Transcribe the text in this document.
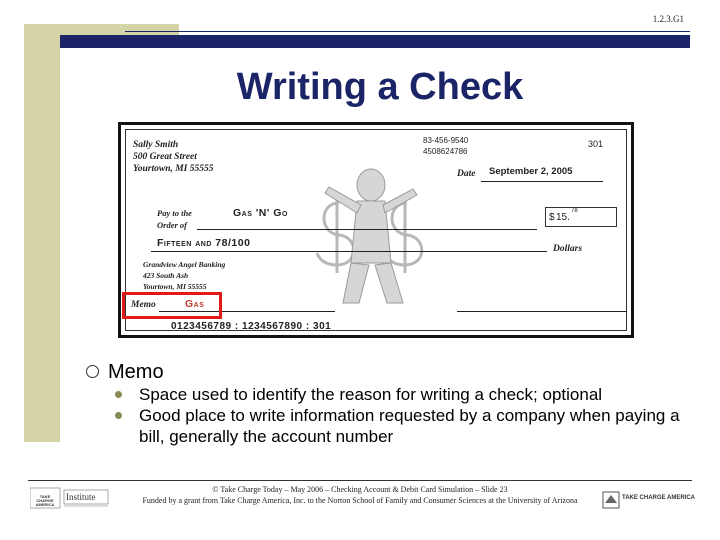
1.2.3.G1
Writing a Check
Sally Smith
500 Great Street
Yourtown, MI 55555
83-456-9540
4508624786
301
Date September 2, 2005
Pay to the
Order of
Gas 'N' Go	$ 15.
78
Fifteen and 78/100	Dollars
Grandview Angel Banking
423 South Ash
Yourtown, MI 55555
Memo	Gas
0123456789 : 1234567890 : 301
Memo
Space used to identify the reason for writing a check; optional
Good place to write information requested by a company when paying a bill, generally the account number
TAKE CHARGE AMERICA
Institute
© Take Charge Today – May 2006 – Checking Account & Debit Card Simulation – Slide 23
Funded by a grant from Take Charge America, Inc. to the Norton School of Family and Consumer Sciences at the University of Arizona	TAKE CHARGE AMERICA
